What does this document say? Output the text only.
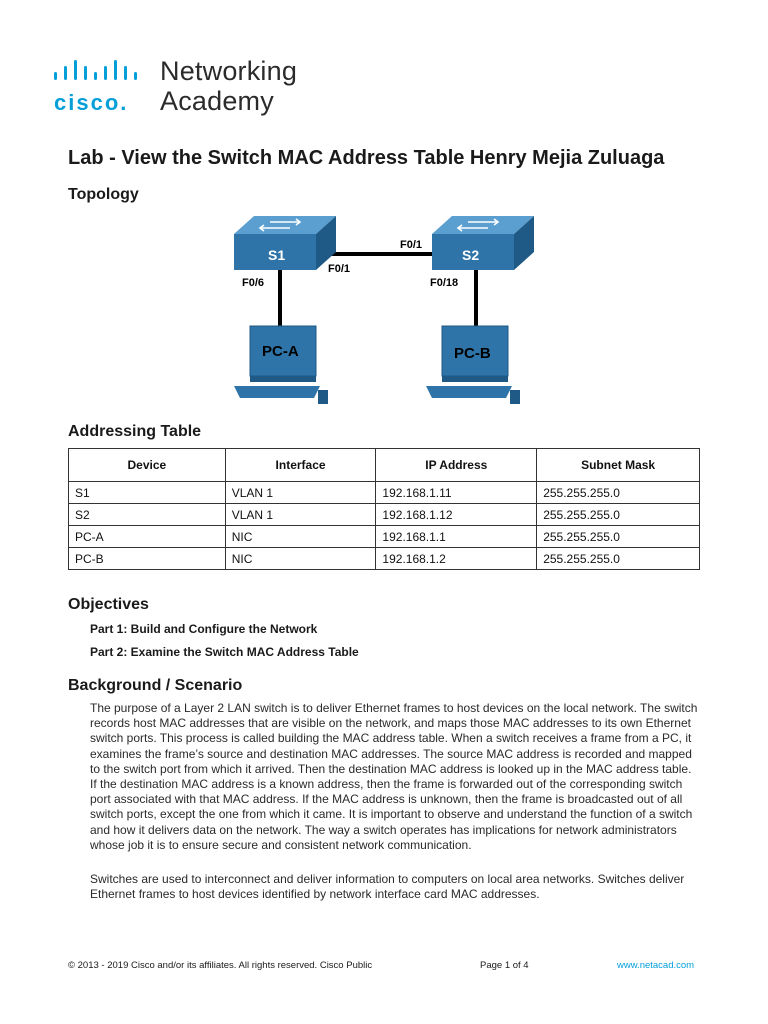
cisco.
Networking
Academy
Lab - View the Switch MAC Address Table Henry Mejia Zuluaga
Topology
S1	S2
F0/1
F0/1
F0/6	F0/18
PC-A	PC-B
Addressing Table
Device	Interface	IP Address	Subnet Mask
S1	VLAN 1	192.168.1.11	255.255.255.0
S2	VLAN 1	192.168.1.12	255.255.255.0
PC-A	NIC	192.168.1.1	255.255.255.0
PC-B	NIC	192.168.1.2	255.255.255.0
Objectives
Part 1: Build and Configure the Network
Part 2: Examine the Switch MAC Address Table
Background / Scenario

The purpose of a Layer 2 LAN switch is to deliver Ethernet frames to host devices on the local network. The switch records host MAC addresses that are visible on the network, and maps those MAC addresses to its own Ethernet switch ports. This process is called building the MAC address table. When a switch receives a frame from a PC, it examines the frame’s source and destination MAC addresses. The source MAC address is recorded and mapped to the switch port from which it arrived. Then the destination MAC address is looked up in the MAC address table. If the destination MAC address is a known address, then the frame is forwarded out of the corresponding switch port associated with that MAC address. If the MAC address is unknown, then the frame is broadcasted out of all switch ports, except the one from which it came. It is important to observe and understand the function of a switch and how it delivers data on the network. The way a switch operates has implications for network administrators whose job it is to ensure secure and consistent network communication.

Switches are used to interconnect and deliver information to computers on local area networks. Switches deliver Ethernet frames to host devices identified by network interface card MAC addresses.

© 2013 - 2019 Cisco and/or its affiliates. All rights reserved. Cisco Public	Page 1 of 4	www.netacad.com
